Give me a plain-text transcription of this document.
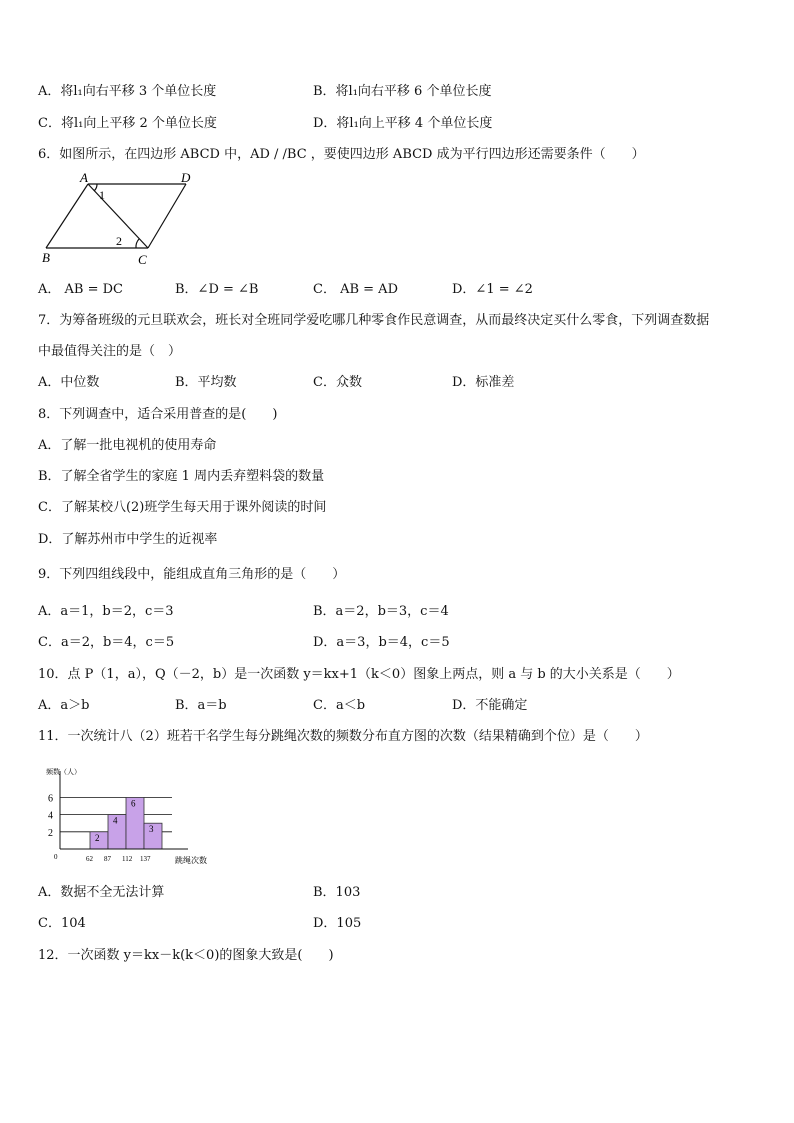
A．将l₁向右平移 3 个单位长度	B．将l₁向右平移 6 个单位长度
C．将l₁向上平移 2 个单位长度	D．将l₁向上平移 4 个单位长度
6．如图所示，在四边形 ABCD 中，AD / /BC ，要使四边形 ABCD 成为平行四边形还需要条件（　　）
A	D
B	C
1
2
A． AB = DC	B．∠D = ∠B	C． AB = AD	D．∠1 = ∠2
7．为筹备班级的元旦联欢会，班长对全班同学爱吃哪几种零食作民意调查，从而最终决定买什么零食，下列调查数据
中最值得关注的是（　）
A．中位数	B．平均数	C．众数	D．标准差
8．下列调查中，适合采用普查的是(　　)
A．了解一批电视机的使用寿命
B．了解全省学生的家庭 1 周内丢弃塑料袋的数量
C．了解某校八(2)班学生每天用于课外阅读的时间
D．了解苏州市中学生的近视率
9．下列四组线段中，能组成直角三角形的是（　　）
A．a＝1，b＝2，c＝3	B．a＝2，b＝3，c＝4
C．a＝2，b＝4，c＝5	D．a＝3，b＝4，c＝5
10．点 P（1，a），Q（－2，b）是一次函数 y＝kx+1（k＜0）图象上两点，则 a 与 b 的大小关系是（　　）
A．a＞b	B．a＝b	C．a＜b	D．不能确定
11．一次统计八（2）班若干名学生每分跳绳次数的频数分布直方图的次数（结果精确到个位）是（　　）
2
62
4
87
6
112
3
137
0
2
4
6
频数（人）
跳绳次数
A．数据不全无法计算	B．103
C．104	D．105
12．一次函数 y＝kx－k(k＜0)的图象大致是(　　)
